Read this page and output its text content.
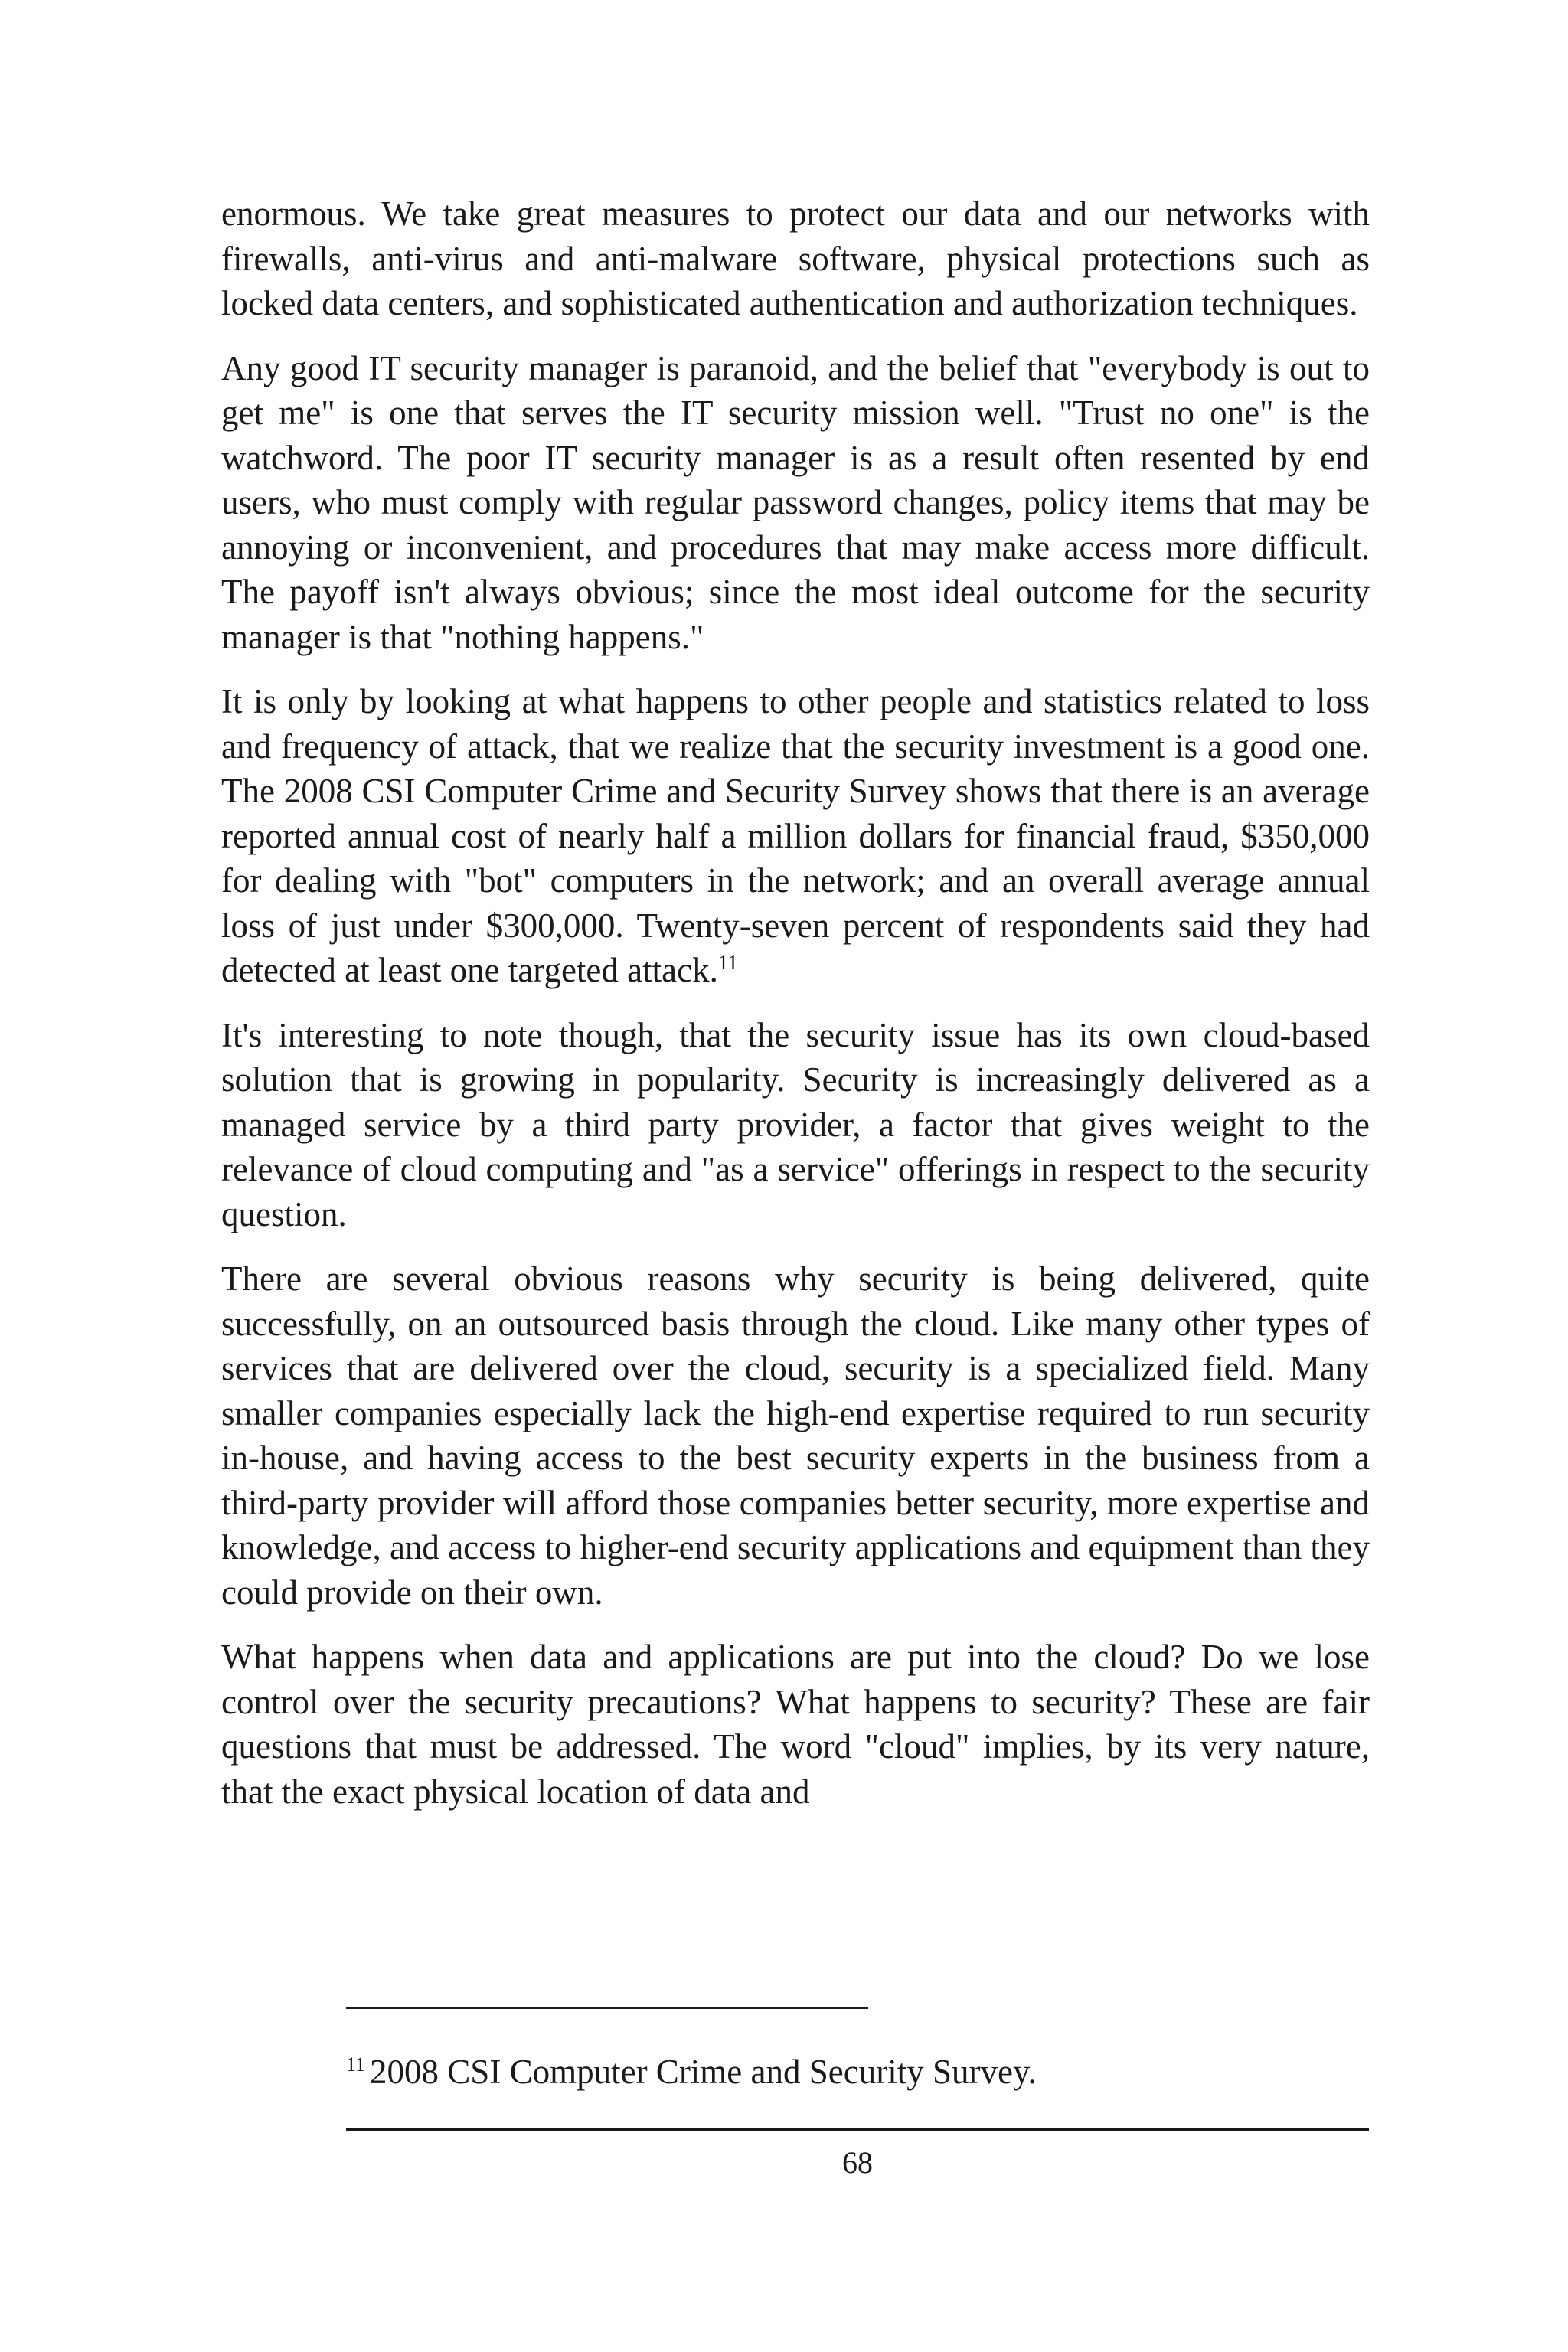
enormous. We take great measures to protect our data and our networks with firewalls, anti-virus and anti-malware software, physical protections such as locked data centers, and sophisticated authentication and authorization techniques.

Any good IT security manager is paranoid, and the belief that "everybody is out to get me" is one that serves the IT security mission well. "Trust no one" is the watchword. The poor IT security manager is as a result often resented by end users, who must comply with regular password changes, policy items that may be annoying or inconvenient, and procedures that may make access more difficult. The payoff isn't always obvious; since the most ideal outcome for the security manager is that "nothing happens."

It is only by looking at what happens to other people and statistics related to loss and frequency of attack, that we realize that the security investment is a good one. The 2008 CSI Computer Crime and Security Survey shows that there is an average reported annual cost of nearly half a million dollars for financial fraud, $350,000 for dealing with "bot" computers in the network; and an overall average annual loss of just under $300,000. Twenty-seven percent of respondents said they had detected at least one targeted attack.$^{11}$

It's interesting to note though, that the security issue has its own cloud-based solution that is growing in popularity. Security is increasingly delivered as a managed service by a third party provider, a factor that gives weight to the relevance of cloud computing and "as a service" offerings in respect to the security question.

There are several obvious reasons why security is being delivered, quite successfully, on an outsourced basis through the cloud. Like many other types of services that are delivered over the cloud, security is a specialized field. Many smaller companies especially lack the high-end expertise required to run security in-house, and having access to the best security experts in the business from a third-party provider will afford those companies better security, more expertise and knowledge, and access to higher-end security applications and equipment than they could provide on their own.

What happens when data and applications are put into the cloud? Do we lose control over the security precautions? What happens to security? These are fair questions that must be addressed. The word "cloud" implies, by its very nature, that the exact physical location of data and

$^{11}$ 2008 CSI Computer Crime and Security Survey.
68
